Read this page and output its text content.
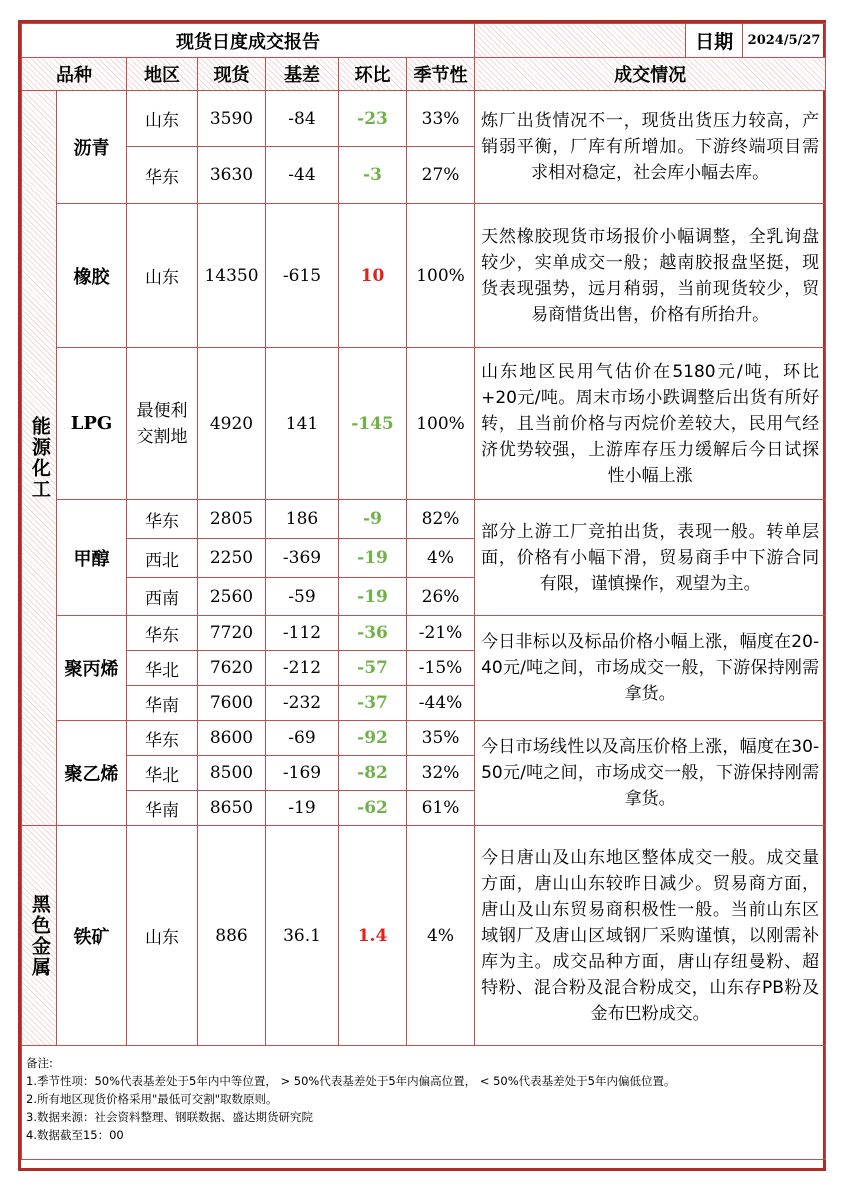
现货日度成交报告								日期	2024/5/27
品种		地区	现货	基差	环比	季节性	成交情况		
能源化工	沥青	山东	3590	-84	-23	33%	炼厂出货情况不一，现货出货压力较高，产销弱平衡，厂库有所增加。下游终端项目需求相对稳定，社会库小幅去库。		
		华东	3630	-44	-3	27%			
	橡胶	山东	14350	-615	10	100%	天然橡胶现货市场报价小幅调整，全乳询盘较少，实单成交一般；越南胶报盘坚挺，现货表现强势，远月稍弱，当前现货较少，贸易商惜货出售，价格有所抬升。		
	LPG	最便利交割地	4920	141	-145	100%	山东地区民用气估价在5180元/吨，环比+20元/吨。周末市场小跌调整后出货有所好转，且当前价格与丙烷价差较大，民用气经济优势较强，上游库存压力缓解后今日试探性小幅上涨		
	甲醇	华东	2805	186	-9	82%	部分上游工厂竞拍出货，表现一般。转单层面，价格有小幅下滑，贸易商手中下游合同有限，谨慎操作，观望为主。		
		西北	2250	-369	-19	4%			
		西南	2560	-59	-19	26%			
	聚丙烯	华东	7720	-112	-36	-21%	今日非标以及标品价格小幅上涨，幅度在20-40元/吨之间，市场成交一般，下游保持刚需拿货。		
		华北	7620	-212	-57	-15%			
		华南	7600	-232	-37	-44%			
	聚乙烯	华东	8600	-69	-92	35%	今日市场线性以及高压价格上涨，幅度在30-50元/吨之间，市场成交一般，下游保持刚需拿货。		
		华北	8500	-169	-82	32%			
		华南	8650	-19	-62	61%			
黑色金属	铁矿	山东	886	36.1	1.4	4%	今日唐山及山东地区整体成交一般。成交量方面，唐山山东较昨日减少。贸易商方面，唐山及山东贸易商积极性一般。当前山东区域钢厂及唐山区域钢厂采购谨慎，以刚需补库为主。成交品种方面，唐山存纽曼粉、超特粉、混合粉及混合粉成交，山东存PB粉及金布巴粉成交。		

备注:
1.季节性项：50%代表基差处于5年内中等位置， > 50%代表基差处于5年内偏高位置， < 50%代表基差处于5年内偏低位置。
2.所有地区现货价格采用"最低可交割"取数原则。
3.数据来源：社会资料整理、钢联数据、盛达期货研究院
4.数据截至15：00									
